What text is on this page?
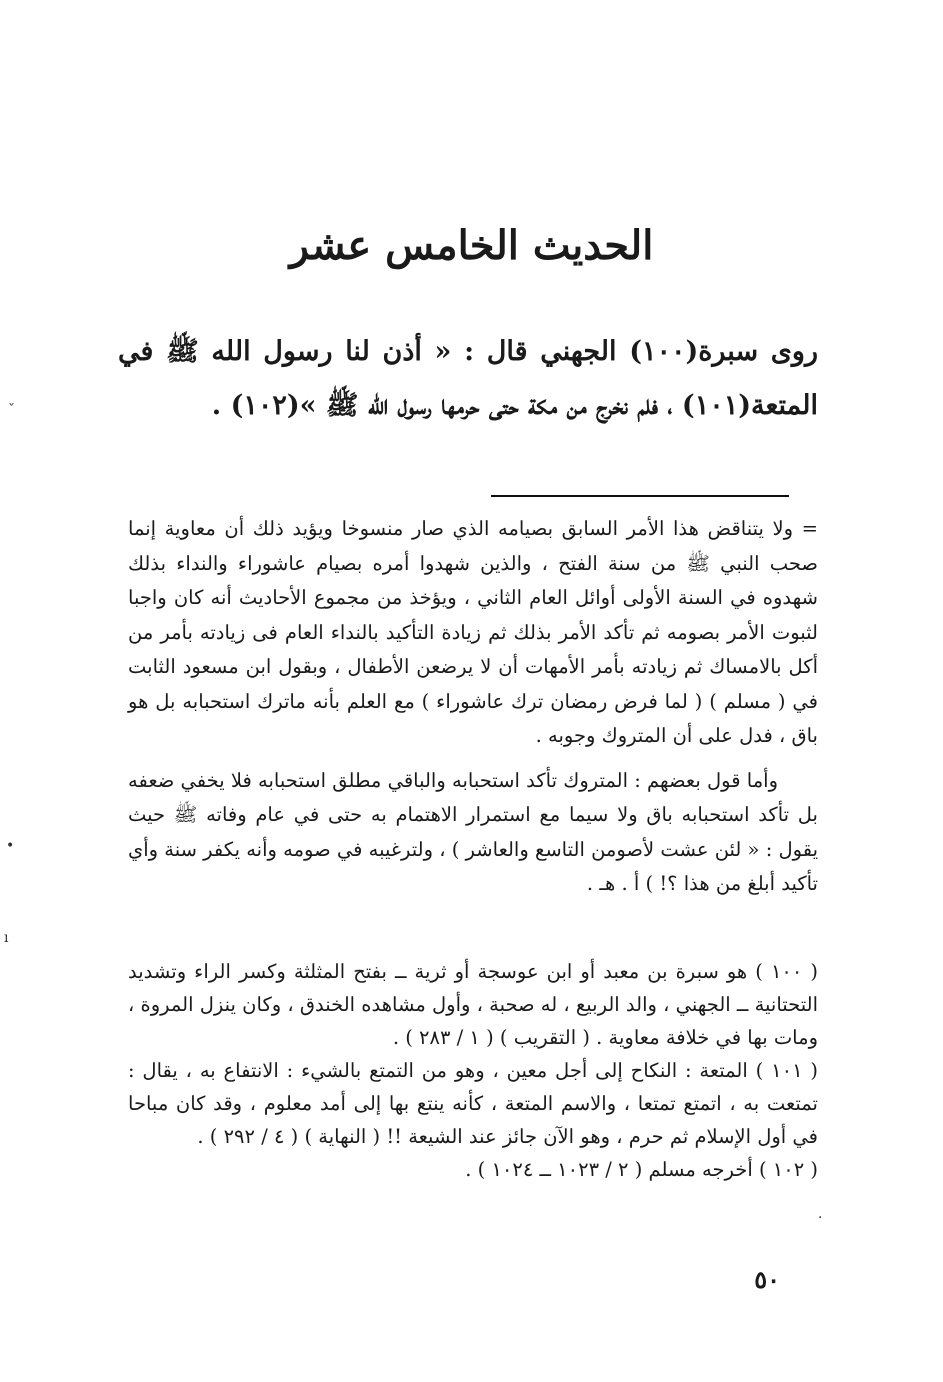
الحديث الخامس عشر

روى سبرة(١٠٠) الجهني قال : « أذن لنا رسول الله ﷺ في المتعة(١٠١) ، فلم نخرج من مكة حتى حرمها رسول الله ﷺ »(١٠٢) .

= ولا يتناقض هذا الأمر السابق بصيامه الذي صار منسوخا ويؤيد ذلك أن معاوية إنما صحب النبي ﷺ من سنة الفتح ، والذين شهدوا أمره بصيام عاشوراء والنداء بذلك شهدوه في السنة الأولى أوائل العام الثاني ، ويؤخذ من مجموع الأحاديث أنه كان واجبا لثبوت الأمر بصومه ثم تأكد الأمر بذلك ثم زيادة التأكيد بالنداء العام فى زيادته بأمر من أكل بالامساك ثم زيادته بأمر الأمهات أن لا يرضعن الأطفال ، وبقول ابن مسعود الثابت في ( مسلم ) ( لما فرض رمضان ترك عاشوراء ) مع العلم بأنه ماترك استحبابه بل هو باق ، فدل على أن المتروك وجوبه .

وأما قول بعضهم : المتروك تأكد استحبابه والباقي مطلق استحبابه فلا يخفي ضعفه بل تأكد استحبابه باق ولا سيما مع استمرار الاهتمام به حتى في عام وفاته ﷺ حيث يقول : « لئن عشت لأصومن التاسع والعاشر ) ، ولترغيبه في صومه وأنه يكفر سنة وأي تأكيد أبلغ من هذا ؟! ) أ . هـ .

( ١٠٠ ) هو سبرة بن معبد أو ابن عوسجة أو ثرية ــ بفتح المثلثة وكسر الراء وتشديد التحتانية ــ الجهني ، والد الربيع ، له صحبة ، وأول مشاهده الخندق ، وكان ينزل المروة ، ومات بها في خلافة معاوية . ( التقريب ) ( ١ / ٢٨٣ ) .

( ١٠١ ) المتعة : النكاح إلى أجل معين ، وهو من التمتع بالشيء : الانتفاع به ، يقال : تمتعت به ، اتمتع تمتعا ، والاسم المتعة ، كأنه ينتع بها إلى أمد معلوم ، وقد كان مباحا في أول الإسلام ثم حرم ، وهو الآن جائز عند الشيعة !! ( النهاية ) ( ٤ / ٢٩٢ ) .

( ١٠٢ ) أخرجه مسلم ( ٢ / ١٠٢٣ ــ ١٠٢٤ ) .

٥٠
˯
•
ı
·
